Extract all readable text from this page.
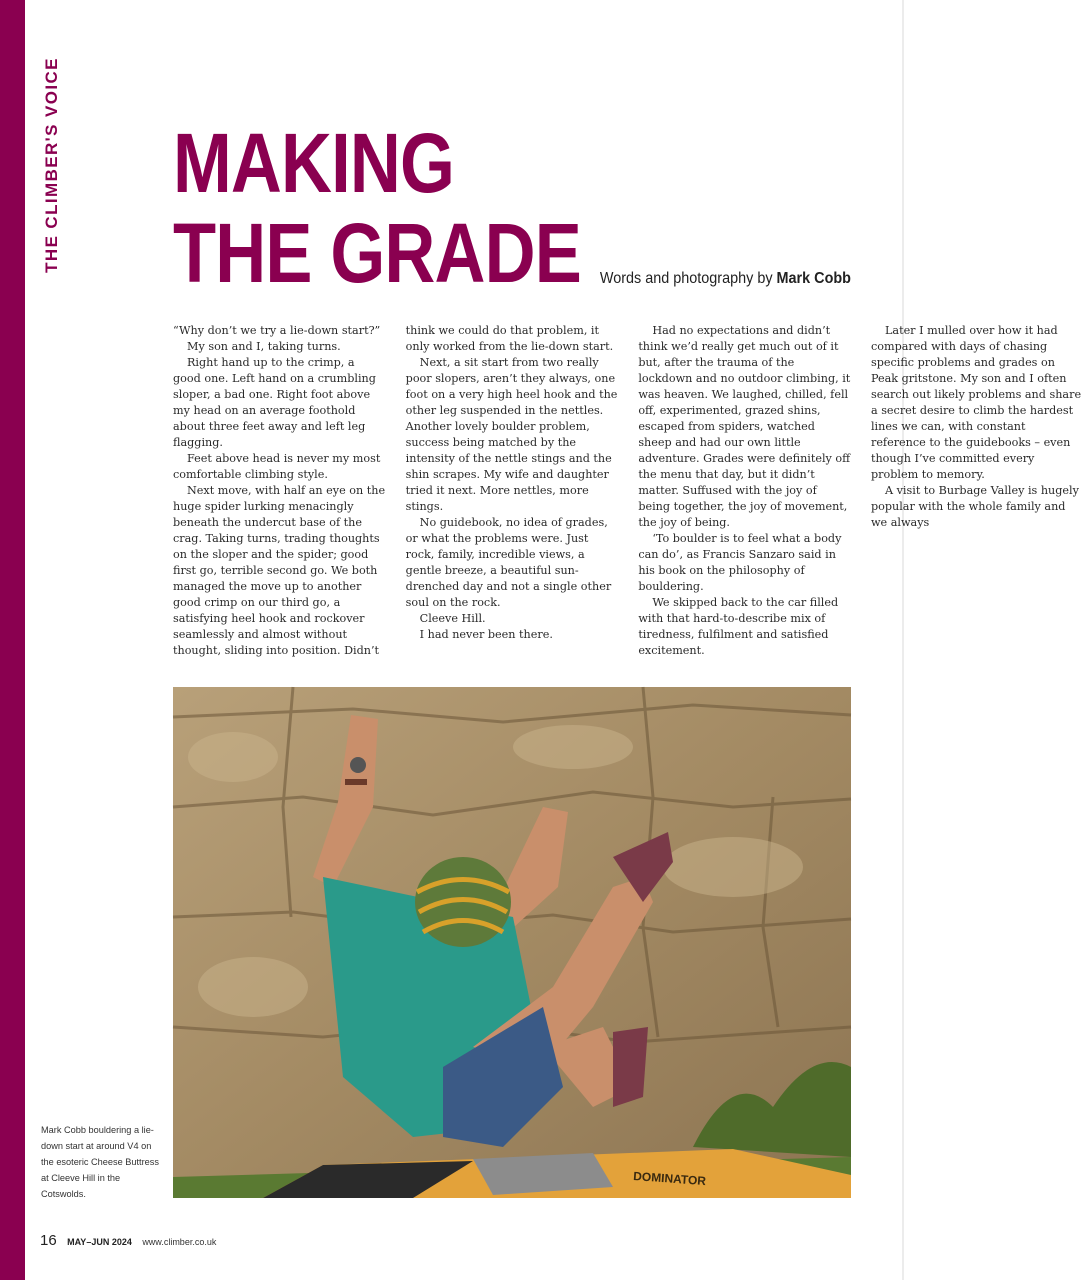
THE CLIMBER'S VOICE MAKING
THE GRADE Words and photography by Mark Cobb

“Why don’t we try a lie-down start?”

My son and I, taking turns.

Right hand up to the crimp, a good one. Left hand on a crumbling sloper, a bad one. Right foot above my head on an average foothold about three feet away and left leg flagging.

Feet above head is never my most comfortable climbing style.

Next move, with half an eye on the huge spider lurking menacingly beneath the undercut base of the crag. Taking turns, trading thoughts on the sloper and the spider; good first go, terrible second go. We both managed the move up to another good crimp on our third go, a satisfying heel hook and rockover seamlessly and almost without thought, sliding into position. Didn’t think we could do that problem, it only worked from the lie-down start.

Next, a sit start from two really poor slopers, aren’t they always, one foot on a very high heel hook and the other leg suspended in the nettles. Another lovely boulder problem, success being matched by the intensity of the nettle stings and the shin scrapes. My wife and daughter tried it next. More nettles, more stings.

No guidebook, no idea of grades, or what the problems were. Just rock, family, incredible views, a gentle breeze, a beautiful sun-drenched day and not a single other soul on the rock.

Cleeve Hill.

I had never been there.

Had no expectations and didn’t think we’d really get much out of it but, after the trauma of the lockdown and no outdoor climbing, it was heaven. We laughed, chilled, fell off, experimented, grazed shins, escaped from spiders, watched sheep and had our own little adventure. Grades were definitely off the menu that day, but it didn’t matter. Suffused with the joy of being together, the joy of movement, the joy of being.

‘To boulder is to feel what a body can do’, as Francis Sanzaro said in his book on the philosophy of bouldering.

We skipped back to the car filled with that hard-to-describe mix of tiredness, fulfilment and satisfied excitement.

Later I mulled over how it had compared with days of chasing specific problems and grades on Peak gritstone. My son and I often search out likely problems and share a secret desire to climb the hardest lines we can, with constant reference to the guidebooks – even though I’ve committed every problem to memory.

A visit to Burbage Valley is hugely popular with the whole family and we always

DOMINATOR
Mark Cobb bouldering a lie-down start at around V4 on the esoteric Cheese Buttress at Cleeve Hill in the Cotswolds.
16 MAY–JUN 2024 www.climber.co.uk
